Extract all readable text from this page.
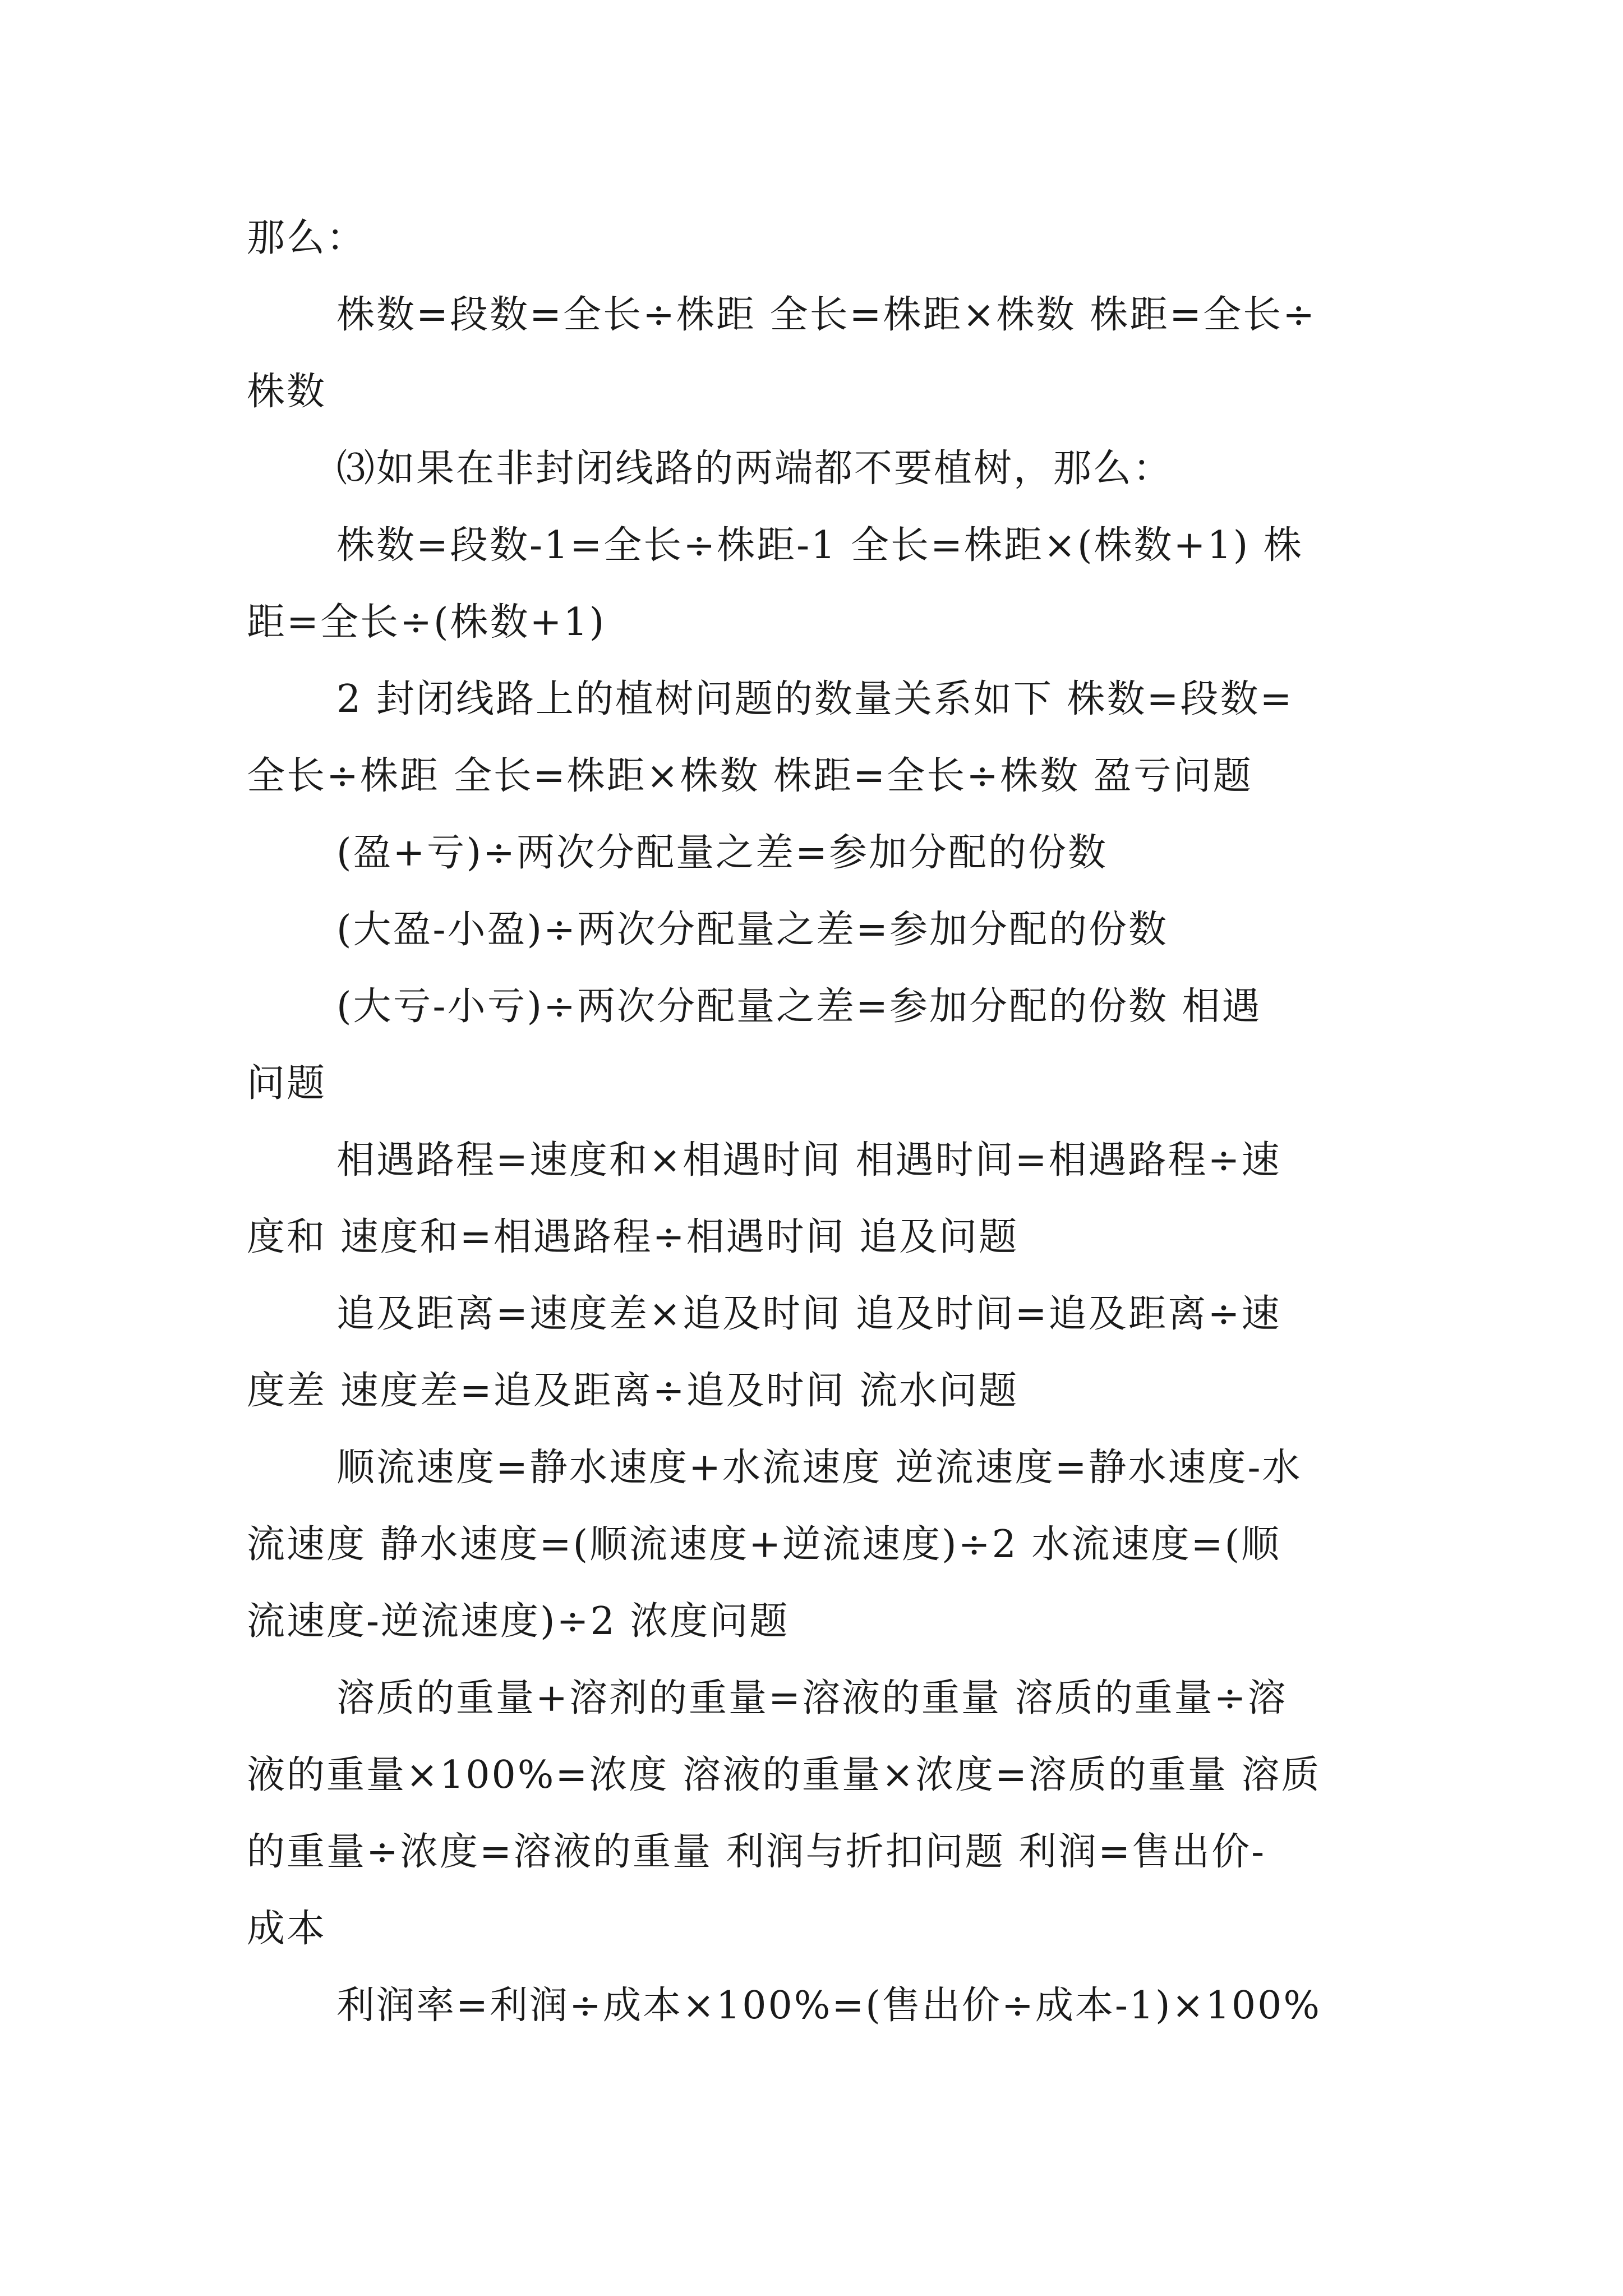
那么：
株数=段数=全长÷株距 全长=株距×株数 株距=全长÷
株数
⑶如果在非封闭线路的两端都不要植树，那么：
株数=段数-1=全长÷株距-1 全长=株距×(株数+1) 株
距=全长÷(株数+1)
2 封闭线路上的植树问题的数量关系如下 株数=段数=
全长÷株距 全长=株距×株数 株距=全长÷株数 盈亏问题
(盈+亏)÷两次分配量之差=参加分配的份数
(大盈-小盈)÷两次分配量之差=参加分配的份数
(大亏-小亏)÷两次分配量之差=参加分配的份数 相遇
问题
相遇路程=速度和×相遇时间 相遇时间=相遇路程÷速
度和 速度和=相遇路程÷相遇时间 追及问题
追及距离=速度差×追及时间 追及时间=追及距离÷速
度差 速度差=追及距离÷追及时间 流水问题
顺流速度=静水速度+水流速度 逆流速度=静水速度-水
流速度 静水速度=(顺流速度+逆流速度)÷2 水流速度=(顺
流速度-逆流速度)÷2 浓度问题
溶质的重量+溶剂的重量=溶液的重量 溶质的重量÷溶
液的重量×100%=浓度 溶液的重量×浓度=溶质的重量 溶质
的重量÷浓度=溶液的重量 利润与折扣问题 利润=售出价-
成本
利润率=利润÷成本×100%=(售出价÷成本-1)×100%
